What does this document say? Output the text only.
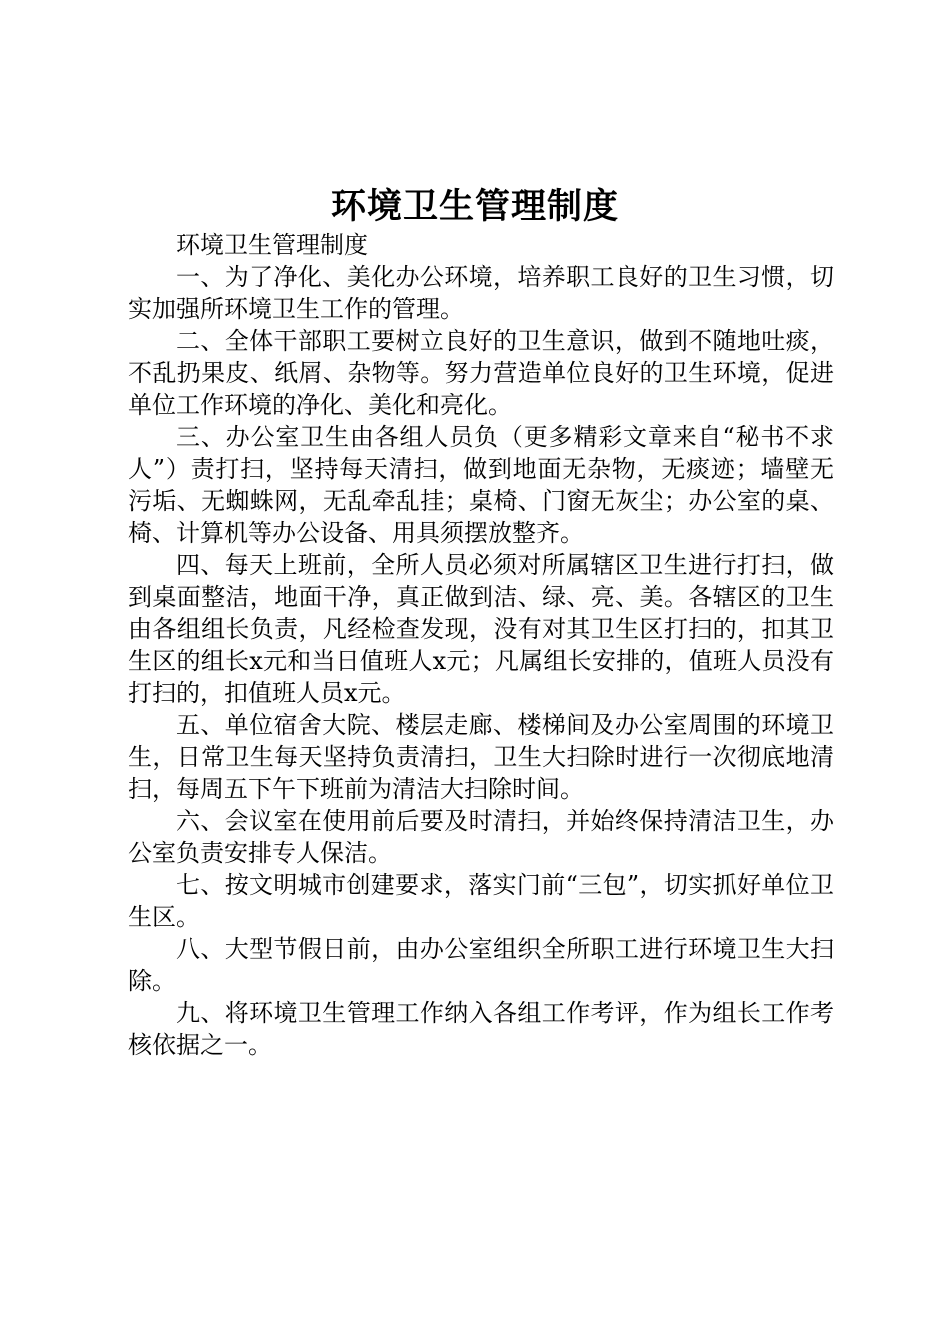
环境卫生管理制度

环境卫生管理制度

一、为了净化、美化办公环境，培养职工良好的卫生习惯，切实加强所环境卫生工作的管理。

二、全体干部职工要树立良好的卫生意识，做到不随地吐痰，不乱扔果皮、纸屑、杂物等。努力营造单位良好的卫生环境，促进单位工作环境的净化、美化和亮化。

三、办公室卫生由各组人员负（更多精彩文章来自“秘书不求人”）责打扫，坚持每天清扫，做到地面无杂物，无痰迹；墙壁无污垢、无蜘蛛网，无乱牵乱挂；桌椅、门窗无灰尘；办公室的桌、椅、计算机等办公设备、用具须摆放整齐。

四、每天上班前，全所人员必须对所属辖区卫生进行打扫，做到桌面整洁，地面干净，真正做到洁、绿、亮、美。各辖区的卫生由各组组长负责，凡经检查发现，没有对其卫生区打扫的，扣其卫生区的组长x元和当日值班人x元；凡属组长安排的，值班人员没有打扫的，扣值班人员x元。

五、单位宿舍大院、楼层走廊、楼梯间及办公室周围的环境卫生，日常卫生每天坚持负责清扫，卫生大扫除时进行一次彻底地清扫，每周五下午下班前为清洁大扫除时间。

六、会议室在使用前后要及时清扫，并始终保持清洁卫生，办公室负责安排专人保洁。

七、按文明城市创建要求，落实门前“三包”，切实抓好单位卫生区。

八、大型节假日前，由办公室组织全所职工进行环境卫生大扫除。

九、将环境卫生管理工作纳入各组工作考评，作为组长工作考核依据之一。
